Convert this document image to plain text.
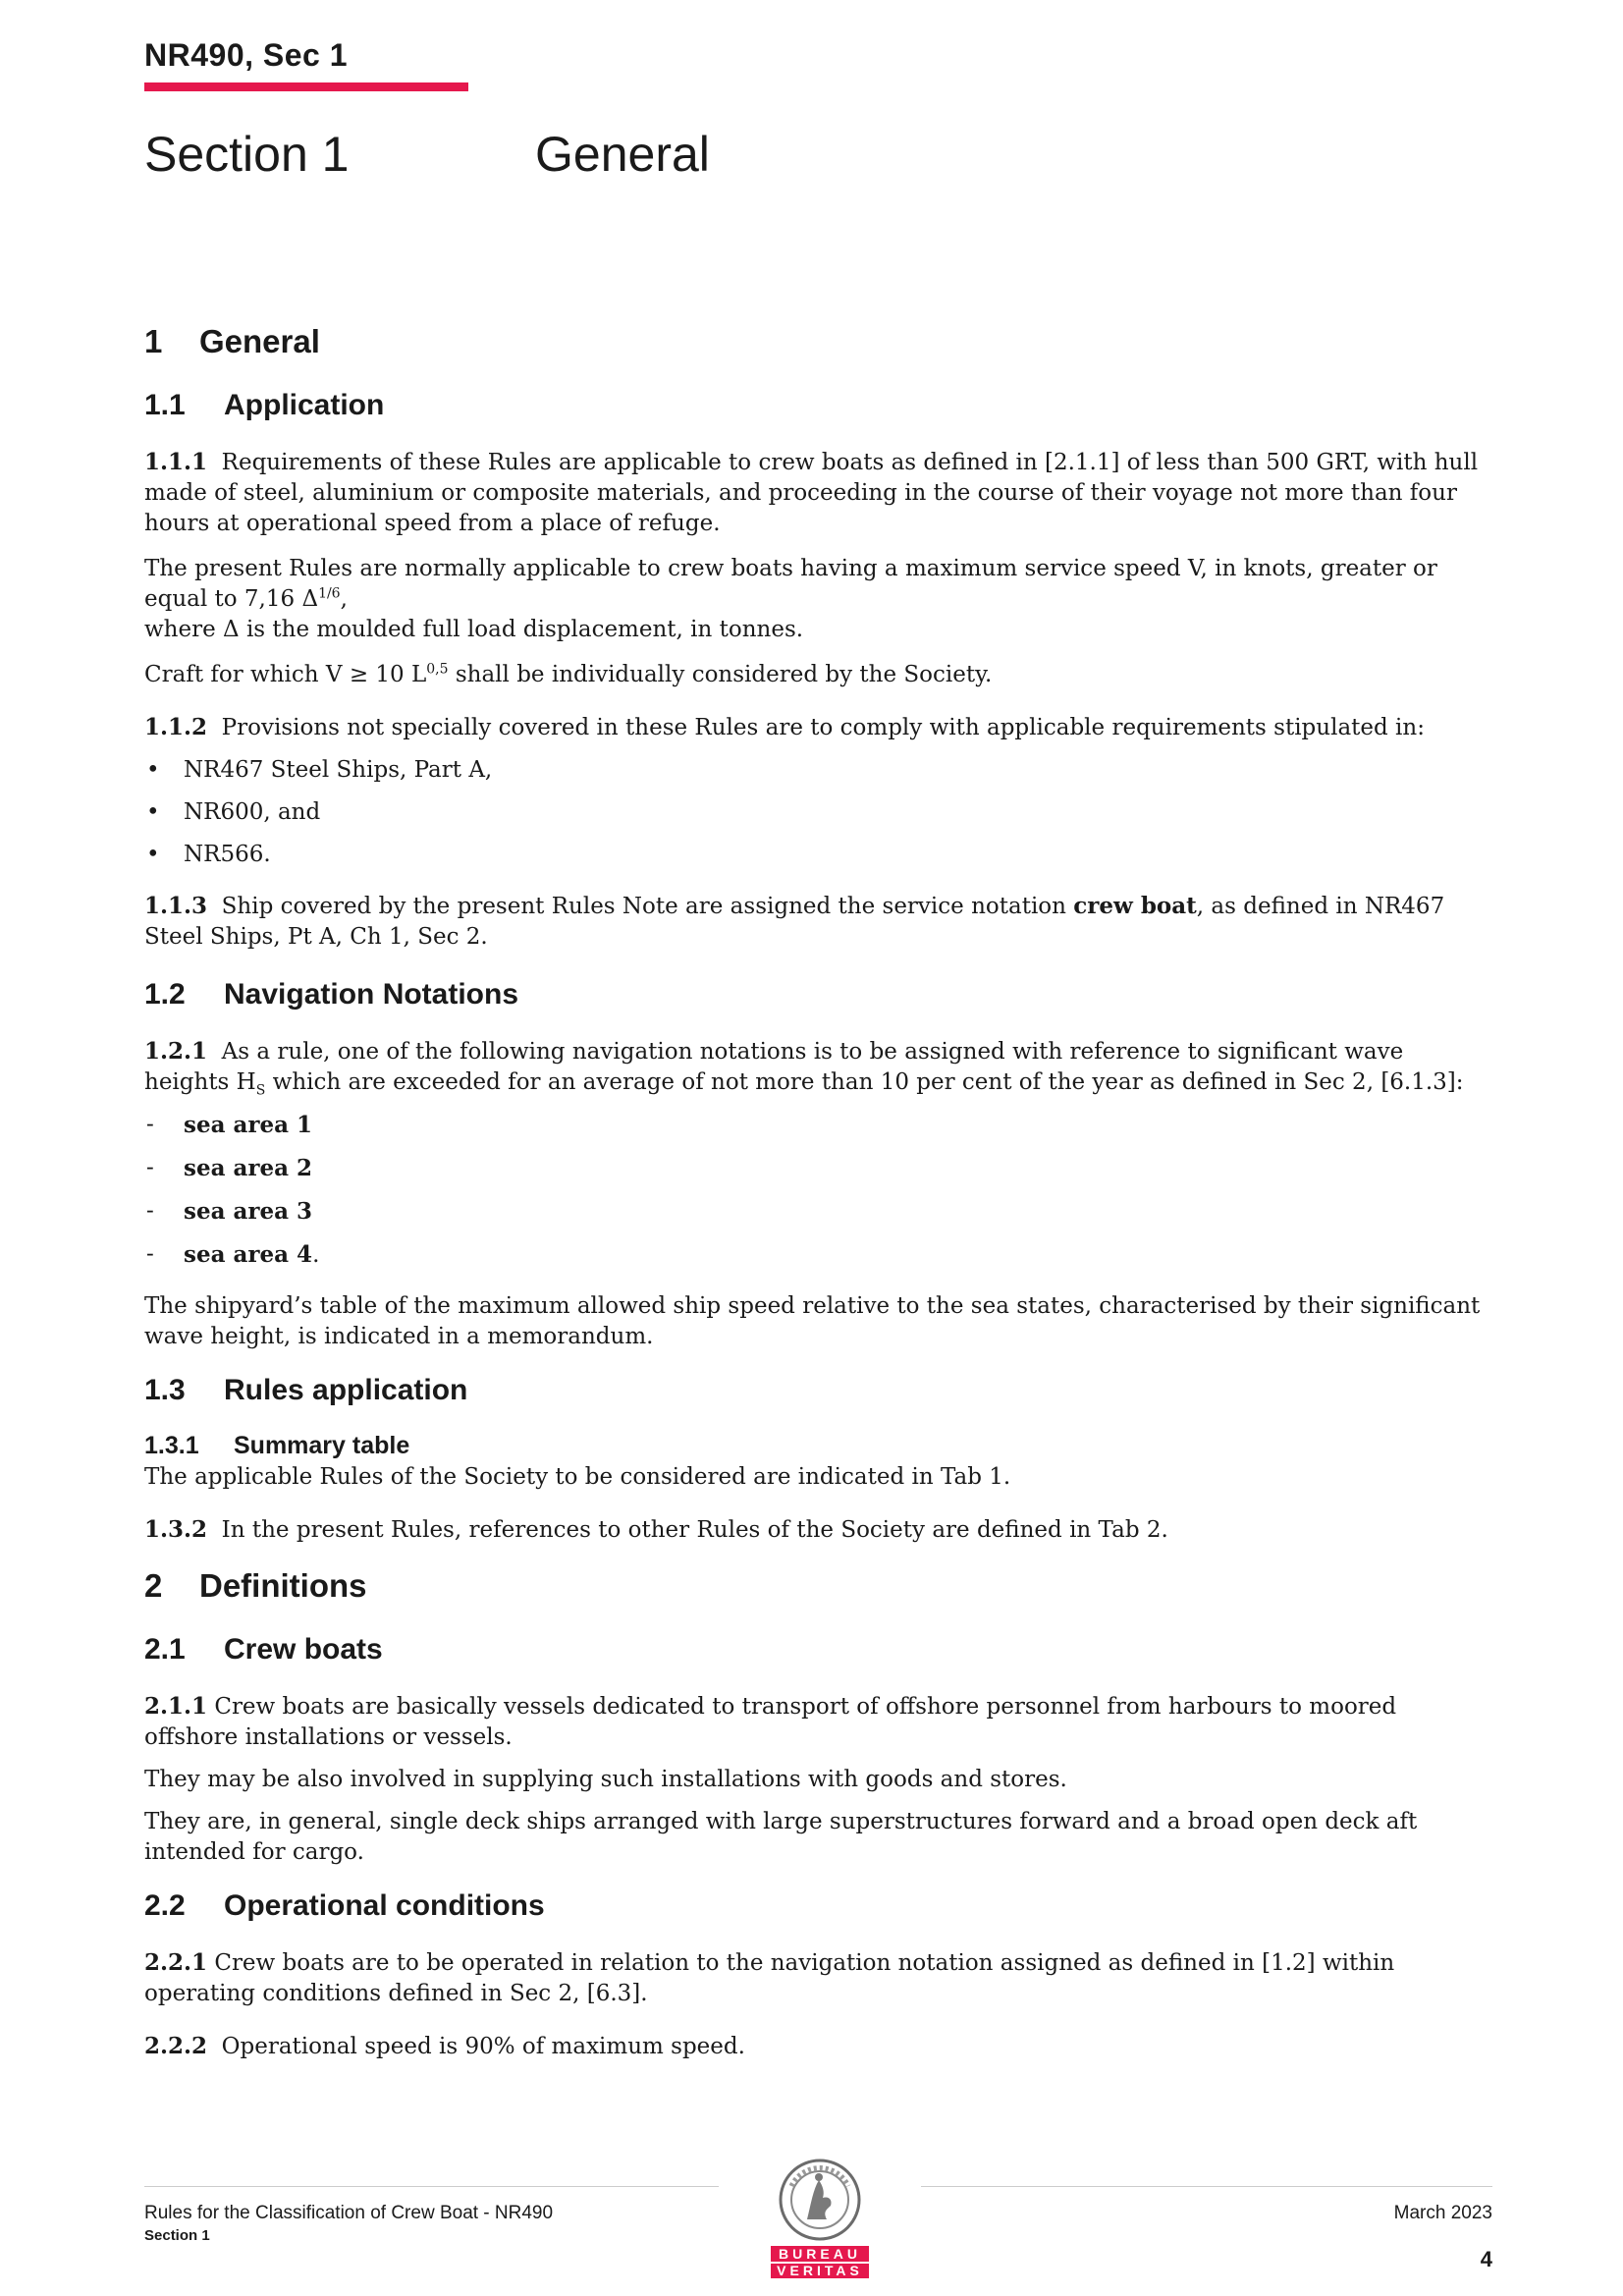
NR490, Sec 1
Section 1	General
1 General
1.1 Application

1.1.1 Requirements of these Rules are applicable to crew boats as defined in [2.1.1] of less than 500 GRT, with hull made of steel, aluminium or composite materials, and proceeding in the course of their voyage not more than four hours at operational speed from a place of refuge.

The present Rules are normally applicable to crew boats having a maximum service speed V, in knots, greater or equal to 7,16 $\Delta^{1/6}$,
where Δ is the moulded full load displacement, in tonnes.

Craft for which V ≥ 10 L$^{0,5}$ shall be individually considered by the Society.

1.1.2 Provisions not specially covered in these Rules are to comply with applicable requirements stipulated in:

• NR467 Steel Ships, Part A,
• NR600, and
• NR566.

1.1.3 Ship covered by the present Rules Note are assigned the service notation crew boat, as defined in NR467 Steel Ships, Pt A, Ch 1, Sec 2.

1.2 Navigation Notations

1.2.1 As a rule, one of the following navigation notations is to be assigned with reference to significant wave heights $H_S$ which are exceeded for an average of not more than 10 per cent of the year as defined in Sec 2, [6.1.3]:

- sea area 1
- sea area 2
- sea area 3
- sea area 4.

The shipyard’s table of the maximum allowed ship speed relative to the sea states, characterised by their significant wave height, is indicated in a memorandum.

1.3 Rules application
1.3.1 Summary table

The applicable Rules of the Society to be considered are indicated in Tab 1.

1.3.2 In the present Rules, references to other Rules of the Society are defined in Tab 2.

2 Definitions
2.1 Crew boats

2.1.1 Crew boats are basically vessels dedicated to transport of offshore personnel from harbours to moored offshore installations or vessels.

They may be also involved in supplying such installations with goods and stores.

They are, in general, single deck ships arranged with large superstructures forward and a broad open deck aft intended for cargo.

2.2 Operational conditions

2.2.1 Crew boats are to be operated in relation to the navigation notation assigned as defined in [1.2] within operating conditions defined in Sec 2, [6.3].

2.2.2 Operational speed is 90% of maximum speed.

Rules for the Classification of Crew Boat - NR490
Section 1
March 2023
4
BUREAU
VERITAS
